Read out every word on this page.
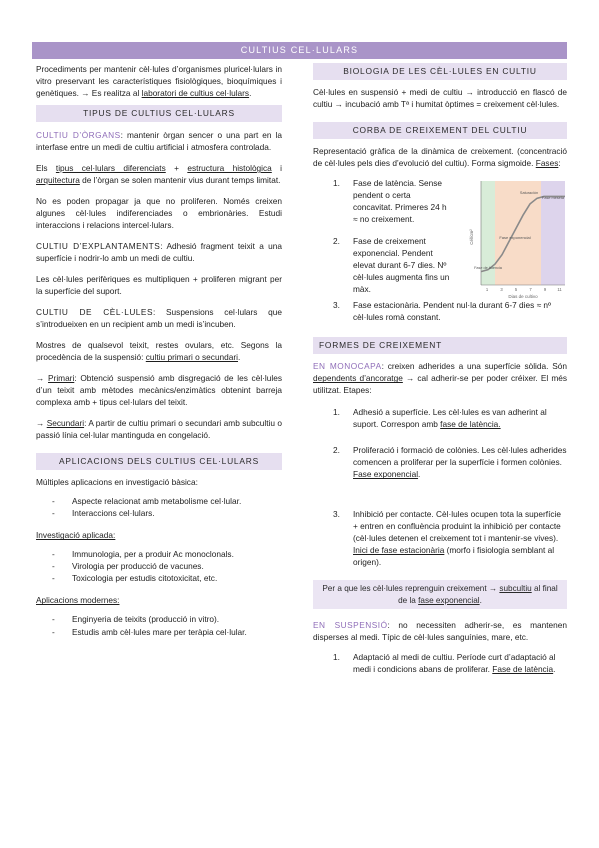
CULTIUS CEL·LULARS

Procediments per mantenir cèl·lules d’organismes pluricel·lulars in vitro preservant les característiques fisiològiques, bioquímiques i genètiques. → Es realitza al laboratori de cultius cel·lulars.

TIPUS DE CULTIUS CEL·LULARS

CULTIU D’ÒRGANS: mantenir òrgan sencer o una part en la interfase entre un medi de cultiu artificial i atmosfera controlada.

Els tipus cel·lulars diferenciats + estructura histològica i arquitectura de l’òrgan se solen mantenir vius durant temps limitat.

No es poden propagar ja que no proliferen. Només creixen algunes cèl·lules indiferenciades o embrionàries. Estudi interaccions i relacions intercel·lulars.

CULTIU D’EXPLANTAMENTS: Adhesió fragment teixit a una superfície i nodrir-lo amb un medi de cultiu.

Les cèl·lules perifèriques es multipliquen + proliferen migrant per la superfície del suport.

CULTIU DE CÈL·LULES: Suspensions cel·lulars que s’introdueixen en un recipient amb un medi is’incuben.

Mostres de qualsevol teixit, restes ovulars, etc. Segons la procedència de la suspensió: cultiu primari o secundari.

→ Primari: Obtenció suspensió amb disgregació de les cèl·lules d’un teixit amb mètodes mecànics/enzimàtics obtenint barreja complexa amb + tipus cel·lulars del teixit.

→ Secundari: A partir de cultiu primari o secundari amb subcultiu o passió línia cel·lular mantinguda en congelació.

APLICACIONS DELS CULTIUS CEL·LULARS

Múltiples aplicacions en investigació bàsica:

- Aspecte relacionat amb metabolisme cel·lular.
- Interaccions cel·lulars.

Investigació aplicada:

- Immunologia, per a produir Ac monoclonals.
- Virologia per producció de vacunes.
- Toxicologia per estudis citotoxicitat, etc.

Aplicacions modernes:

- Enginyeria de teixits (producció in vitro).
- Estudis amb cèl·lules mare per teràpia cel·lular.
BIOLOGIA DE LES CÈL·LULES EN CULTIU

Cèl·lules en suspensió + medi de cultiu → introducció en flascó de cultiu → incubació amb Tª i humitat òptimes = creixement cèl·lules.

CORBA DE CREIXEMENT DEL CULTIU

Representació gràfica de la dinàmica de creixement. (concentració de cèl·lules pels dies d’evolució del cultiu). Forma sigmoide. Fases:

1. Fase de latència. Sense pendent o certa concavitat. Primeres 24 h ≈ no creixement.
2. Fase de creixement exponencial. Pendent elevat durant 6-7 dies. Nº cèl·lules augmenta fins un màx.	1	3	5	7	9	11
Cél/cm²
Dias de cultivo
Fase de latencia
Fase exponencial
Saturación
Fase meseta
3. Fase estacionària. Pendent nul·la durant 6-7 dies ≈ nº cèl·lules romà constant.
FORMES DE CREIXEMENT

EN MONOCAPA: creixen adherides a una superfície sòlida. Són dependents d’ancoratge → cal adherir-se per poder créixer. El més utilitzat. Etapes:

1. Adhesió a superfície. Les cèl·lules es van adherint al suport. Correspon amb fase de latència.
2. Proliferació i formació de colònies. Les cèl·lules adherides comencen a proliferar per la superfície i formen colònies. Fase exponencial.
3. Inhibició per contacte. Cèl·lules ocupen tota la superfície + entren en confluència produint la inhibició per contacte (cèl·lules detenen el creixement tot i mantenir-se vives). Inici de fase estacionària (morfo i fisiologia semblant al origen).
Per a que les cèl·lules reprenguin creixement → subcultiu al final de la fase exponencial.

EN SUSPENSIÓ: no necessiten adherir-se, es mantenen disperses al medi. Típic de cèl·lules sanguínies, mare, etc.

1. Adaptació al medi de cultiu. Període curt d’adaptació al medi i condicions abans de proliferar. Fase de latència.
